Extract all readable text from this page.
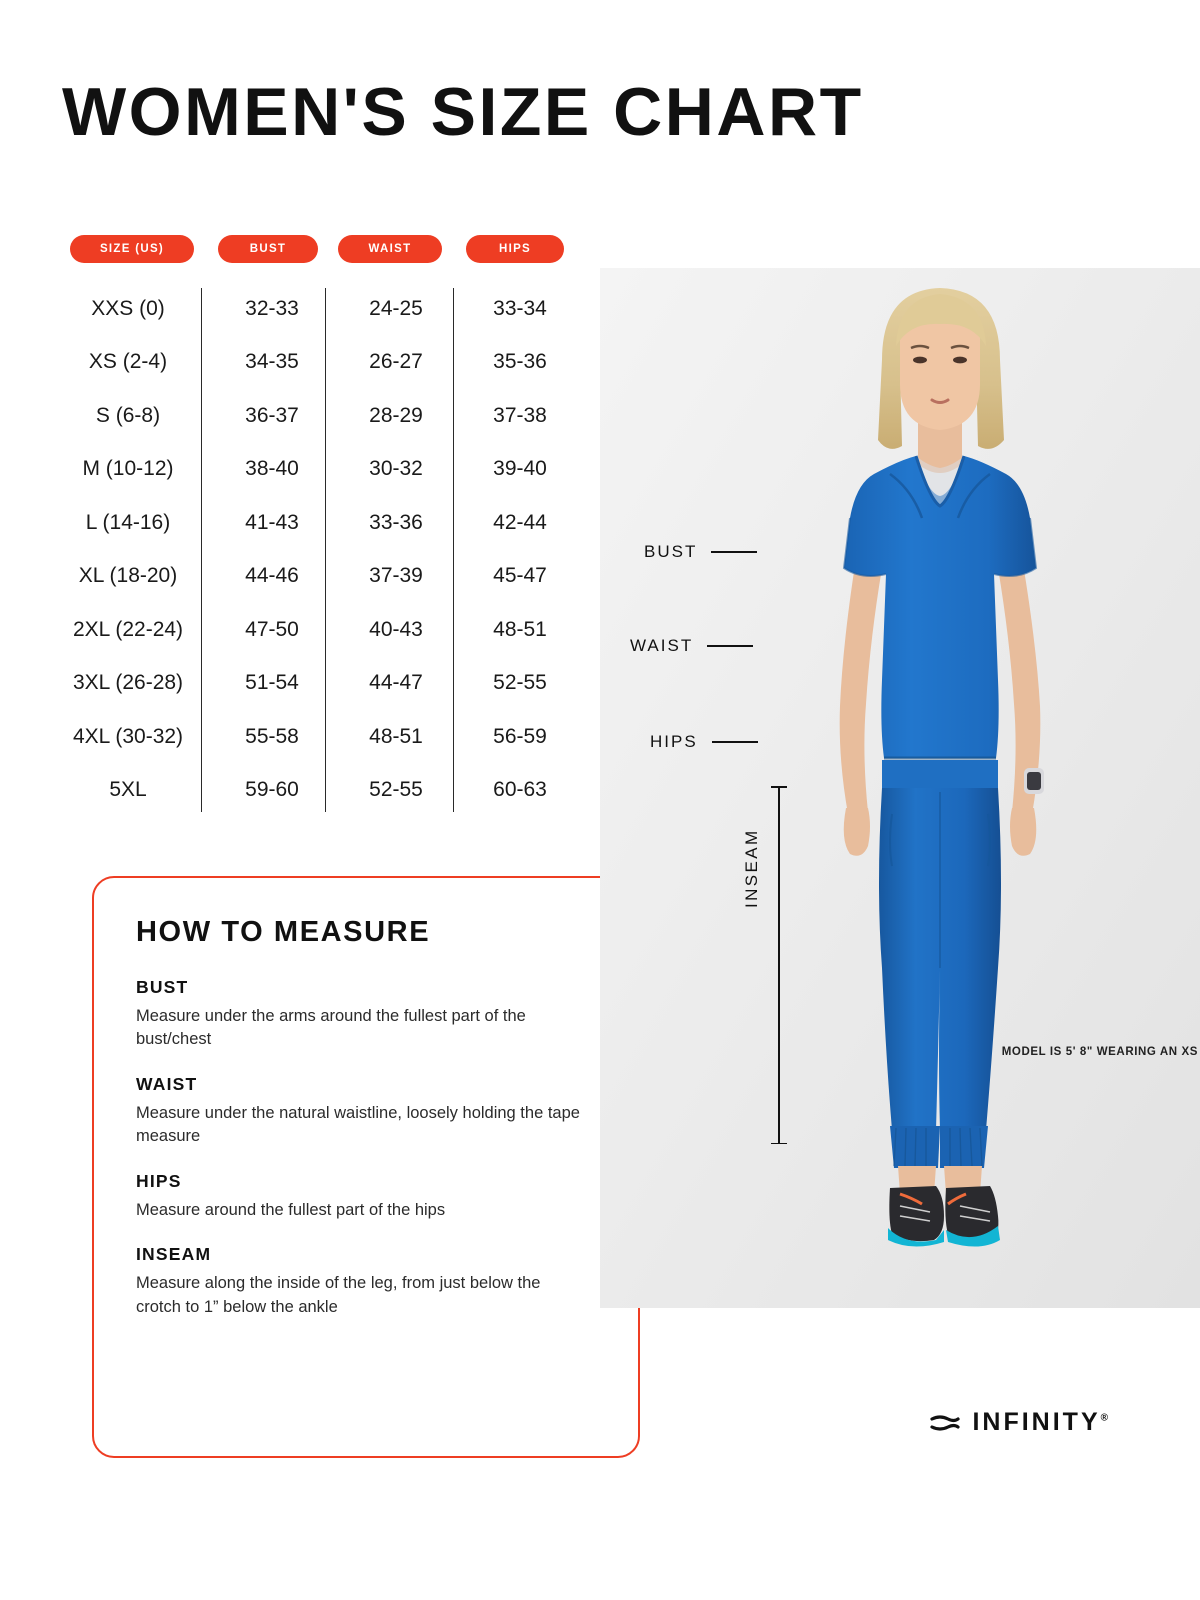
WOMEN'S SIZE CHART
SIZE (US)	BUST	WAIST	HIPS
XXS (0)	32-33	24-25	33-34
XS (2-4)	34-35	26-27	35-36
S (6-8)	36-37	28-29	37-38
M (10-12)	38-40	30-32	39-40
L (14-16)	41-43	33-36	42-44
XL (18-20)	44-46	37-39	45-47
2XL (22-24)	47-50	40-43	48-51
3XL (26-28)	51-54	44-47	52-55
4XL (30-32)	55-58	48-51	56-59
5XL	59-60	52-55	60-63
HOW TO MEASURE
BUST
Measure under the arms around the fullest part of the bust/chest
WAIST
Measure under the natural waistline, loosely holding the tape measure
HIPS
Measure around the fullest part of the hips
INSEAM
Measure along the inside of the leg, from just below the crotch to 1” below the ankle
BUST
WAIST
HIPS
INSEAM
MODEL IS 5' 8" WEARING AN XS
INFINITY®
